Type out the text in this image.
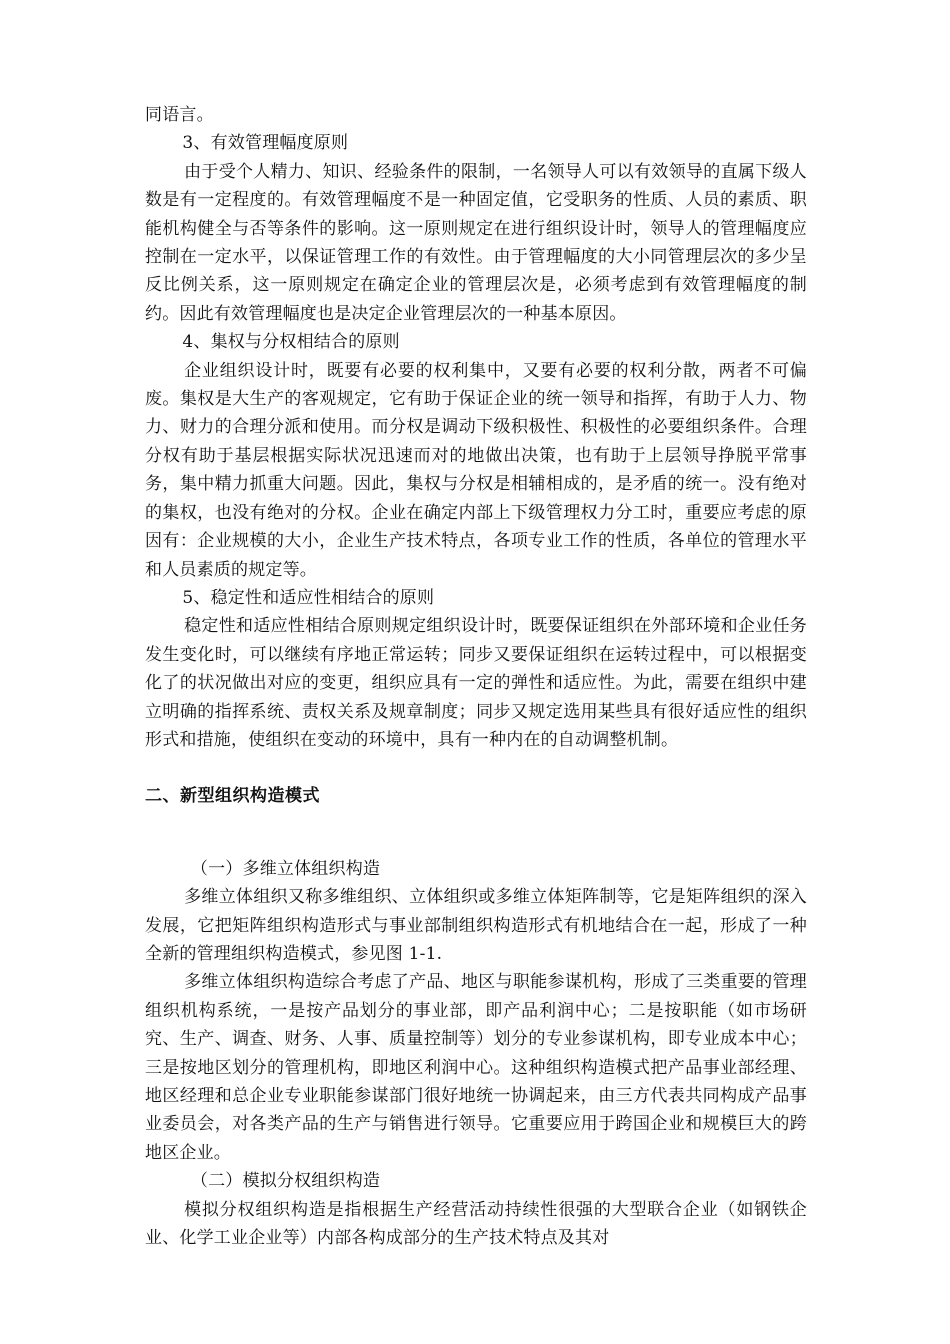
同语言。

3、有效管理幅度原则

由于受个人精力、知识、经验条件的限制，一名领导人可以有效领导的直属下级人数是有一定程度的。有效管理幅度不是一种固定值，它受职务的性质、人员的素质、职能机构健全与否等条件的影响。这一原则规定在进行组织设计时，领导人的管理幅度应控制在一定水平，以保证管理工作的有效性。由于管理幅度的大小同管理层次的多少呈反比例关系，这一原则规定在确定企业的管理层次是，必须考虑到有效管理幅度的制约。因此有效管理幅度也是决定企业管理层次的一种基本原因。

4、集权与分权相结合的原则

企业组织设计时，既要有必要的权利集中，又要有必要的权利分散，两者不可偏废。集权是大生产的客观规定，它有助于保证企业的统一领导和指挥，有助于人力、物力、财力的合理分派和使用。而分权是调动下级积极性、积极性的必要组织条件。合理分权有助于基层根据实际状况迅速而对的地做出决策，也有助于上层领导挣脱平常事务，集中精力抓重大问题。因此，集权与分权是相辅相成的，是矛盾的统一。没有绝对的集权，也没有绝对的分权。企业在确定内部上下级管理权力分工时，重要应考虑的原因有：企业规模的大小，企业生产技术特点，各项专业工作的性质，各单位的管理水平和人员素质的规定等。

5、稳定性和适应性相结合的原则

稳定性和适应性相结合原则规定组织设计时，既要保证组织在外部环境和企业任务发生变化时，可以继续有序地正常运转；同步又要保证组织在运转过程中，可以根据变化了的状况做出对应的变更，组织应具有一定的弹性和适应性。为此，需要在组织中建立明确的指挥系统、责权关系及规章制度；同步又规定选用某些具有很好适应性的组织形式和措施，使组织在变动的环境中，具有一种内在的自动调整机制。

二、新型组织构造模式

（一）多维立体组织构造

多维立体组织又称多维组织、立体组织或多维立体矩阵制等，它是矩阵组织的深入发展，它把矩阵组织构造形式与事业部制组织构造形式有机地结合在一起，形成了一种全新的管理组织构造模式，参见图 1-1.

多维立体组织构造综合考虑了产品、地区与职能参谋机构，形成了三类重要的管理组织机构系统，一是按产品划分的事业部，即产品利润中心；二是按职能（如市场研究、生产、调查、财务、人事、质量控制等）划分的专业参谋机构，即专业成本中心；三是按地区划分的管理机构，即地区利润中心。这种组织构造模式把产品事业部经理、地区经理和总企业专业职能参谋部门很好地统一协调起来，由三方代表共同构成产品事业委员会，对各类产品的生产与销售进行领导。它重要应用于跨国企业和规模巨大的跨地区企业。

（二）模拟分权组织构造

模拟分权组织构造是指根据生产经营活动持续性很强的大型联合企业（如钢铁企业、化学工业企业等）内部各构成部分的生产技术特点及其对
